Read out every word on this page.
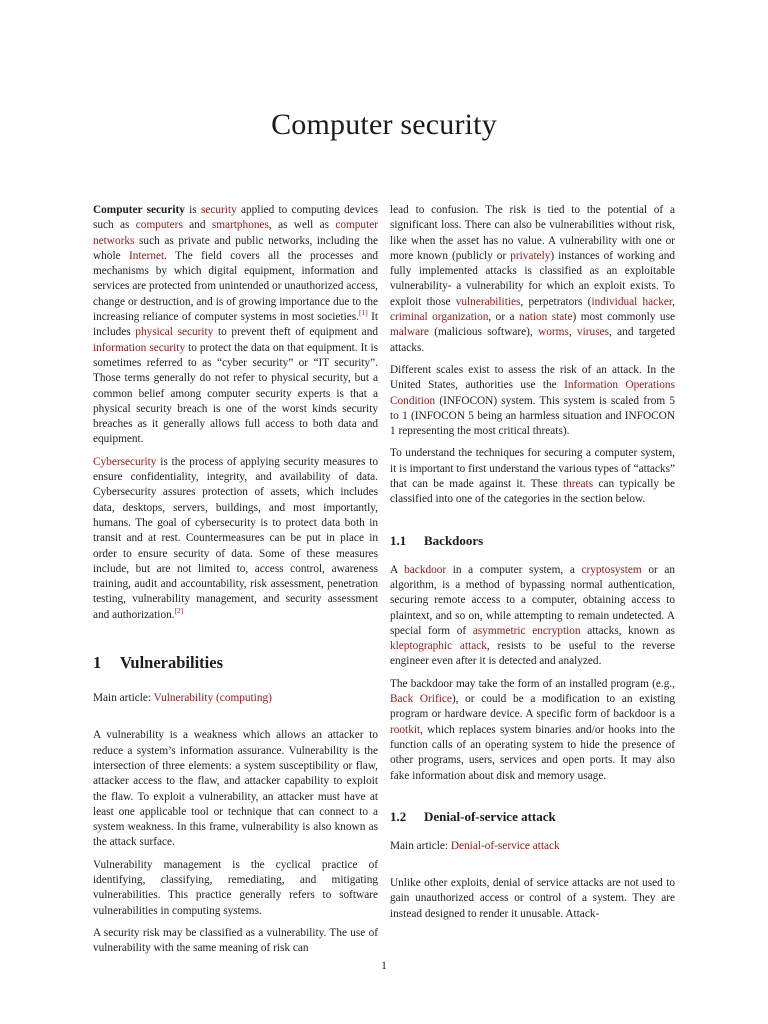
Computer security

Computer security is security applied to computing devices such as computers and smartphones, as well as computer networks such as private and public networks, including the whole Internet. The field covers all the processes and mechanisms by which digital equipment, information and services are protected from unintended or unauthorized access, change or destruction, and is of growing importance due to the increasing reliance of computer systems in most societies.[1] It includes physical security to prevent theft of equipment and information security to protect the data on that equipment. It is sometimes referred to as “cyber security” or “IT security”. Those terms generally do not refer to physical security, but a common belief among computer security experts is that a physical security breach is one of the worst kinds security breaches as it generally allows full access to both data and equipment.

Cybersecurity is the process of applying security measures to ensure confidentiality, integrity, and availability of data. Cybersecurity assures protection of assets, which includes data, desktops, servers, buildings, and most importantly, humans. The goal of cybersecurity is to protect data both in transit and at rest. Countermeasures can be put in place in order to ensure security of data. Some of these measures include, but are not limited to, access control, awareness training, audit and accountability, risk assessment, penetration testing, vulnerability management, and security assessment and authorization.[2]

1 Vulnerabilities

Main article: Vulnerability (computing)

A vulnerability is a weakness which allows an attacker to reduce a system’s information assurance. Vulnerability is the intersection of three elements: a system susceptibility or flaw, attacker access to the flaw, and attacker capability to exploit the flaw. To exploit a vulnerability, an attacker must have at least one applicable tool or technique that can connect to a system weakness. In this frame, vulnerability is also known as the attack surface.

Vulnerability management is the cyclical practice of identifying, classifying, remediating, and mitigating vulnerabilities. This practice generally refers to software vulnerabilities in computing systems.

A security risk may be classified as a vulnerability. The use of vulnerability with the same meaning of risk can

lead to confusion. The risk is tied to the potential of a significant loss. There can also be vulnerabilities without risk, like when the asset has no value. A vulnerability with one or more known (publicly or privately) instances of working and fully implemented attacks is classified as an exploitable vulnerability- a vulnerability for which an exploit exists. To exploit those vulnerabilities, perpetrators (individual hacker, criminal organization, or a nation state) most commonly use malware (malicious software), worms, viruses, and targeted attacks.

Different scales exist to assess the risk of an attack. In the United States, authorities use the Information Operations Condition (INFOCON) system. This system is scaled from 5 to 1 (INFOCON 5 being an harmless situation and INFOCON 1 representing the most critical threats).

To understand the techniques for securing a computer system, it is important to first understand the various types of “attacks” that can be made against it. These threats can typically be classified into one of the categories in the section below.

1.1 Backdoors

A backdoor in a computer system, a cryptosystem or an algorithm, is a method of bypassing normal authentication, securing remote access to a computer, obtaining access to plaintext, and so on, while attempting to remain undetected. A special form of asymmetric encryption attacks, known as kleptographic attack, resists to be useful to the reverse engineer even after it is detected and analyzed.

The backdoor may take the form of an installed program (e.g., Back Orifice), or could be a modification to an existing program or hardware device. A specific form of backdoor is a rootkit, which replaces system binaries and/or hooks into the function calls of an operating system to hide the presence of other programs, users, services and open ports. It may also fake information about disk and memory usage.

1.2 Denial-of-service attack

Main article: Denial-of-service attack

Unlike other exploits, denial of service attacks are not used to gain unauthorized access or control of a system. They are instead designed to render it unusable. Attack-

1
